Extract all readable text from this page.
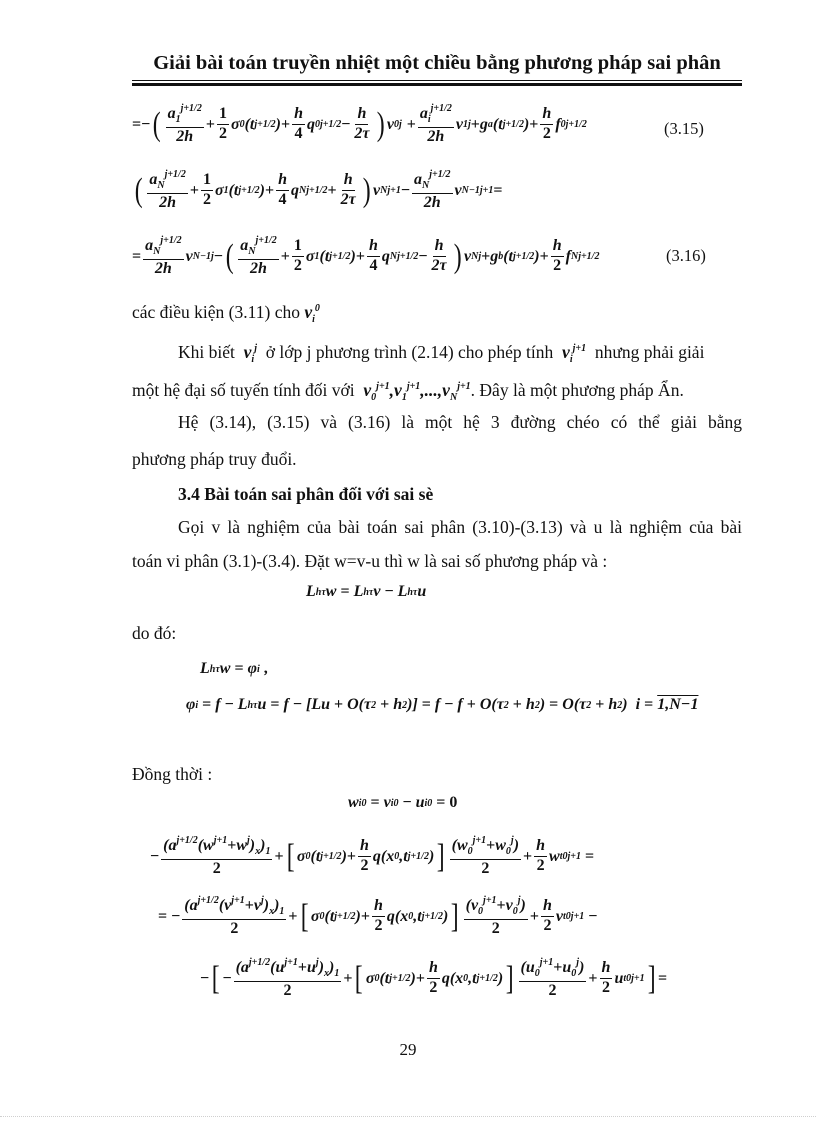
Giải bài toán truyền nhiệt một chiều bằng phương pháp sai phân
= − ( $\frac{a_1^{j+1/2}}{2h} + \frac{1}{2}$ σ 0 (t j+1/2 ) + $\frac{h}{4}$ q 0 $j+1/2 - \frac{h}{2\tau}$ ) v 0 $j + \frac{a_i^{j+1/2}}{2h}$ v 1 j + g a (t j+1/2 ) + $\frac{h}{2}$ f 0 j+1/2	(3.15)
( $\frac{a_N^{j+1/2}}{2h} + \frac{1}{2}$ σ 1 (t j+1/2 ) + $\frac{h}{4}$ q N $j+1/2 + \frac{h}{2\tau}$ ) v N $j+1 - \frac{a_N^{j+1/2}}{2h}$ v N−1 j+1 =
= $\frac{a_N^{j+1/2}}{2h}$ v N−1 j − ( $\frac{a_N^{j+1/2}}{2h} + \frac{1}{2}$ σ 1 (t j+1/2 ) + $\frac{h}{4}$ q N $j+1/2 - \frac{h}{2\tau}$ ) v N j + g b (t j+1/2 ) + $\frac{h}{2}$ f N j+1/2	(3.16)
các điều kiện (3.11) cho $v_i^0$
Khi biết $v_i^j$ ở lớp j phương trình (2.14) cho phép tính $v_i^{j+1}$ nhưng phải giải
một hệ đại số tuyến tính đối với $v_0^{j+1},v_1^{j+1},...,v_N^{j+1}$. Đây là một phương pháp Ẩn.
Hệ (3.14), (3.15) và (3.16) là một hệ 3 đường chéo có thể giải bằng
phương pháp truy đuổi.
3.4 Bài toán sai phân đối với sai sè
Gọi v là nghiệm của bài toán sai phân (3.10)-(3.13) và u là nghiệm của bài
toán vi phân (3.1)-(3.4). Đặt w=v-u thì w là sai số phương pháp và :
L hτ w = L hτ v − L hτ u
do đó:
L hτ w = φ i ,
φ i = f − L hτ u = f − [Lu + O(τ 2 + h 2 )] = f − f + O(τ 2 + h 2 ) = O(τ 2 + h 2 )  i = 1,N−1
Đồng thời :
w i 0 = v i 0 − u i 0 = 0
− $\frac{(a^{j+1/2}(w^{j+1}+w^j)_x)_1}{2}$ + [ σ 0 (t j+1/2 ) + $\frac{h}{2} q(x$ 0 ,t j+1/2 ) ] $\frac{(w_0^{j+1}+w_0^j)}{2} + \frac{h}{2}$ w t0 j+1 =
= − $\frac{(a^{j+1/2}(v^{j+1}+v^j)_x)_1}{2}$ + [ σ 0 (t j+1/2 ) + $\frac{h}{2} q(x$ 0 ,t j+1/2 ) ] $\frac{(v_0^{j+1}+v_0^j)}{2} + \frac{h}{2}$ v t0 j+1 −
− [ − $\frac{(a^{j+1/2}(u^{j+1}+u^j)_x)_1}{2}$ + [ σ 0 (t j+1/2 ) + $\frac{h}{2} q(x$ 0 ,t j+1/2 ) ] $\frac{(u_0^{j+1}+u_0^j)}{2} + \frac{h}{2}$ u t0 j+1 ] =
29
